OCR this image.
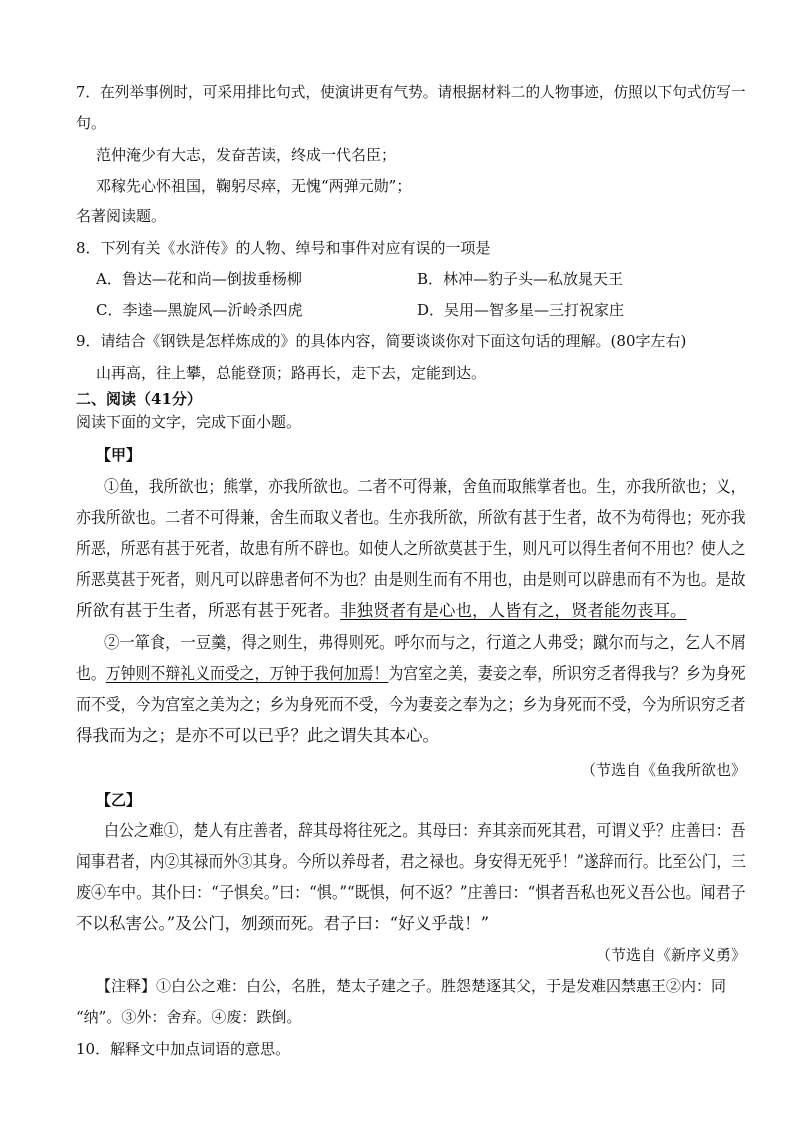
7．在列举事例时，可采用排比句式，使演讲更有气势。请根据材料二的人物事迹，仿照以下句式仿写一
句。
范仲淹少有大志，发奋苦读，终成一代名臣；
邓稼先心怀祖国，鞠躬尽瘁，无愧“两弹元勋”；
名著阅读题。
8．下列有关《水浒传》的人物、绰号和事件对应有误的一项是
A．鲁达—花和尚—倒拔垂杨柳	B．林冲—豹子头—私放晁天王
C．李逵—黑旋风—沂岭杀四虎	D．吴用—智多星—三打祝家庄
9．请结合《钢铁是怎样炼成的》的具体内容，简要谈谈你对下面这句话的理解。(80字左右)
山再高，往上攀，总能登顶；路再长，走下去，定能到达。
二、阅读（41分）
阅读下面的文字，完成下面小题。
【甲】
①鱼，我所欲也；熊掌，亦我所欲也。二者不可得兼，舍鱼而取熊掌者也。生，亦我所欲也；义，
亦我所欲也。二者不可得兼，舍生而取义者也。生亦我所欲，所欲有甚于生者，故不为苟得也；死亦我
所恶，所恶有甚于死者，故患有所不辟也。如使人之所欲莫甚于生，则凡可以得生者何不用也？使人之
所恶莫甚于死者，则凡可以辟患者何不为也？由是则生而有不用也，由是则可以辟患而有不为也。是故
所欲有甚于生者，所恶有甚于死者。非独贤者有是心也，人皆有之，贤者能勿丧耳。
②一箪食，一豆羹，得之则生，弗得则死。呼尔而与之，行道之人弗受；蹴尔而与之，乞人不屑
也。万钟则不辩礼义而受之，万钟于我何加焉！为宫室之美，妻妾之奉，所识穷乏者得我与？乡为身死
而不受，今为宫室之美为之；乡为身死而不受，今为妻妾之奉为之；乡为身死而不受，今为所识穷乏者
得我而为之；是亦不可以已乎？此之谓失其本心。
（节选自《鱼我所欲也》
【乙】
白公之难①，楚人有庄善者，辞其母将往死之。其母曰：弃其亲而死其君，可谓义乎？庄善曰：吾
闻事君者，内②其禄而外③其身。今所以养母者，君之禄也。身安得无死乎！”遂辞而行。比至公门，三
废④车中。其仆曰：“子惧矣。”曰：“惧。”“既惧，何不返？”庄善曰：“惧者吾私也死义吾公也。闻君子
不以私害公。”及公门，刎颈而死。君子曰：“好义乎哉！”
（节选自《新序义勇》
【注释】①白公之难：白公，名胜，楚太子建之子。胜怨楚逐其父，于是发难囚禁惠王②内：同
“纳”。③外：舍弃。④废：跌倒。
10．解释文中加点词语的意思。
